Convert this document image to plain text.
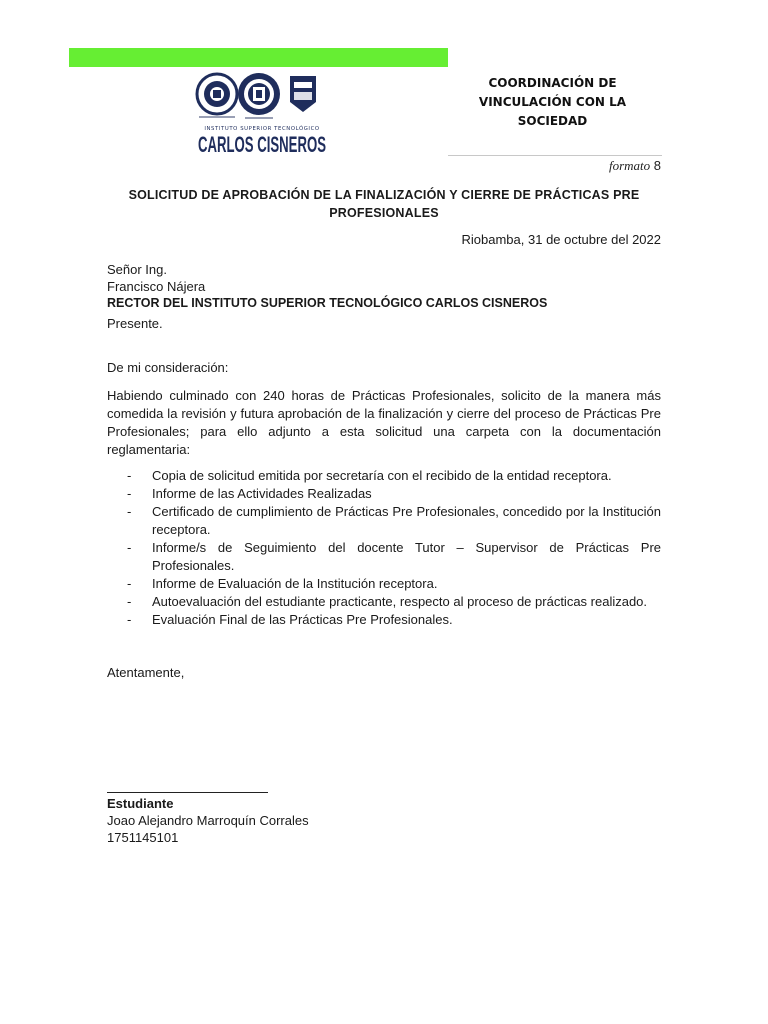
INSTITUTO SUPERIOR TECNOLÓGICO
CARLOS CISNEROS
COORDINACIÓN DE
VINCULACIÓN CON LA
SOCIEDAD
formato 8
SOLICITUD DE APROBACIÓN DE LA FINALIZACIÓN Y CIERRE DE PRÁCTICAS PRE PROFESIONALES
Riobamba, 31 de octubre del 2022
Señor Ing.
Francisco Nájera
RECTOR DEL INSTITUTO SUPERIOR TECNOLÓGICO CARLOS CISNEROS
Presente.
De mi consideración:
Habiendo culminado con 240 horas de Prácticas Profesionales, solicito de la manera más comedida la revisión y futura aprobación de la finalización y cierre del proceso de Prácticas Pre Profesionales; para ello adjunto a esta solicitud una carpeta con la documentación reglamentaria:
- Copia de solicitud emitida por secretaría con el recibido de la entidad receptora.
- Informe de las Actividades Realizadas
- Certificado de cumplimiento de Prácticas Pre Profesionales, concedido por la Institución receptora.
- Informe/s de Seguimiento del docente Tutor – Supervisor de Prácticas Pre Profesionales.
- Informe de Evaluación de la Institución receptora.
- Autoevaluación del estudiante practicante, respecto al proceso de prácticas realizado.
- Evaluación Final de las Prácticas Pre Profesionales.
Atentamente,
Estudiante
Joao Alejandro Marroquín Corrales
1751145101
